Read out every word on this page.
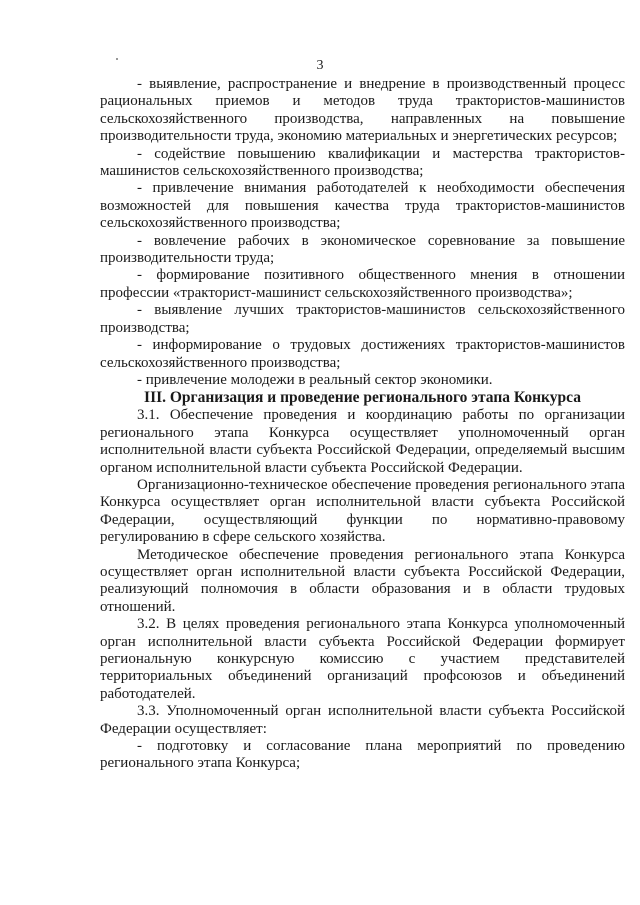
3

- выявление, распространение и внедрение в производственный процесс рациональных приемов и методов труда трактористов-машинистов сельскохозяйственного производства, направленных на повышение производительности труда, экономию материальных и энергетических ресурсов;

- содействие повышению квалификации и мастерства трактористов-машинистов сельскохозяйственного производства;

- привлечение внимания работодателей к необходимости обеспечения возможностей для повышения качества труда трактористов-машинистов сельскохозяйственного производства;

- вовлечение рабочих в экономическое соревнование за повышение производительности труда;

- формирование позитивного общественного мнения в отношении профессии «тракторист-машинист сельскохозяйственного производства»;

- выявление лучших трактористов-машинистов сельскохозяйственного производства;

- информирование о трудовых достижениях трактористов-машинистов сельскохозяйственного производства;

- привлечение молодежи в реальный сектор экономики.

III. Организация и проведение регионального этапа Конкурса

3.1. Обеспечение проведения и координацию работы по организации регионального этапа Конкурса осуществляет уполномоченный орган исполнительной власти субъекта Российской Федерации, определяемый высшим органом исполнительной власти субъекта Российской Федерации.

Организационно-техническое обеспечение проведения регионального этапа Конкурса осуществляет орган исполнительной власти субъекта Российской Федерации, осуществляющий функции по нормативно-правовому регулированию в сфере сельского хозяйства.

Методическое обеспечение проведения регионального этапа Конкурса осуществляет орган исполнительной власти субъекта Российской Федерации, реализующий полномочия в области образования и в области трудовых отношений.

3.2. В целях проведения регионального этапа Конкурса уполномоченный орган исполнительной власти субъекта Российской Федерации формирует региональную конкурсную комиссию с участием представителей территориальных объединений организаций профсоюзов и объединений работодателей.

3.3. Уполномоченный орган исполнительной власти субъекта Российской Федерации осуществляет:

- подготовку и согласование плана мероприятий по проведению регионального этапа Конкурса;
